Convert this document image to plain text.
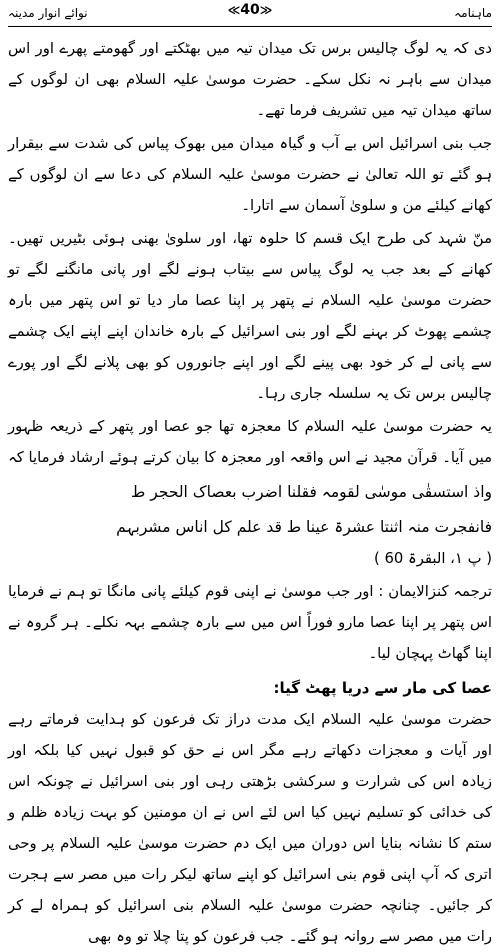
ماہنامہ
≪40≫
نوائے انوار مدینہ

دی کہ یہ لوگ چالیس برس تک میدان تیہ میں بھٹکتے اور گھومتے پھرے اور اس میدان سے باہر نہ نکل سکے۔ حضرت موسیٰ علیہ السلام بھی ان لوگوں کے ساتھ میدان تیہ میں تشریف فرما تھے۔

جب بنی اسرائیل اس بے آب و گیاہ میدان میں بھوک پیاس کی شدت سے بیقرار ہو گئے تو اللہ تعالیٰ نے حضرت موسیٰ علیہ السلام کی دعا سے ان لوگوں کے کھانے کیلئے من و سلویٰ آسمان سے اتارا۔

منّ شہد کی طرح ایک قسم کا حلوہ تھا، اور سلویٰ بھنی ہوئی بٹیریں تھیں۔ کھانے کے بعد جب یہ لوگ پیاس سے بیتاب ہونے لگے اور پانی مانگنے لگے تو حضرت موسیٰ علیہ السلام نے پتھر پر اپنا عصا مار دیا تو اس پتھر میں بارہ چشمے پھوٹ کر بہنے لگے اور بنی اسرائیل کے بارہ خاندان اپنے اپنے ایک چشمے سے پانی لے کر خود بھی پینے لگے اور اپنے جانوروں کو بھی پلانے لگے اور پورے چالیس برس تک یہ سلسلہ جاری رہا۔

یہ حضرت موسیٰ علیہ السلام کا معجزہ تھا جو عصا اور پتھر کے ذریعہ ظہور میں آیا۔ قرآن مجید نے اس واقعہ اور معجزہ کا بیان کرتے ہوئے ارشاد فرمایا کہ

واذ استسقٰی موسٰی لقومہ فقلنا اضرب بعصاک الحجر ط

فانفجرت منہ اثنتا عشرۃ عینا ط قد علم کل اناس مشربہم

( پ ۱، البقرۃ 60 )

ترجمہ کنزالایمان : اور جب موسیٰ نے اپنی قوم کیلئے پانی مانگا تو ہم نے فرمایا اس پتھر پر اپنا عصا مارو فوراً اس میں سے بارہ چشمے بہہ نکلے۔ ہر گروہ نے اپنا گھاٹ پہچان لیا۔

عصا کی مار سے دریا پھٹ گیا:

حضرت موسیٰ علیہ السلام ایک مدت دراز تک فرعون کو ہدایت فرماتے رہے اور آیات و معجزات دکھاتے رہے مگر اس نے حق کو قبول نہیں کیا بلکہ اور زیادہ اس کی شرارت و سرکشی بڑھتی رہی اور بنی اسرائیل نے چونکہ اس کی خدائی کو تسلیم نہیں کیا اس لئے اس نے ان مومنین کو بہت زیادہ ظلم و ستم کا نشانہ بنایا اس دوران میں ایک دم حضرت موسیٰ علیہ السلام پر وحی اتری کہ آپ اپنی قوم بنی اسرائیل کو اپنے ساتھ لیکر رات میں مصر سے ہجرت کر جائیں۔ چنانچہ حضرت موسیٰ علیہ السلام بنی اسرائیل کو ہمراہ لے کر رات میں مصر سے روانہ ہو گئے۔ جب فرعون کو پتا چلا تو وہ بھی
